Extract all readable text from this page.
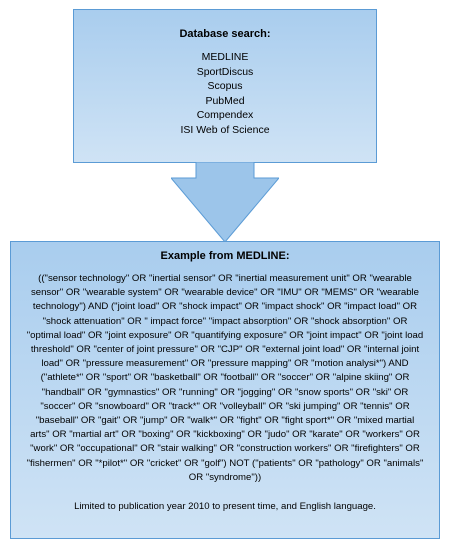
Database search:
MEDLINE
SportDiscus
Scopus
PubMed
Compendex
ISI Web of Science
Example from MEDLINE:

(("sensor technology" OR "inertial sensor" OR "inertial measurement unit" OR "wearable sensor" OR "wearable system" OR "wearable device" OR "IMU" OR "MEMS" OR "wearable technology") AND ("joint load" OR "shock impact" OR "impact shock" OR "impact load" OR "shock attenuation" OR " impact force" "impact absorption" OR "shock absorption" OR "optimal load" OR "joint exposure" OR "quantifying exposure" OR "joint impact" OR "joint load threshold" OR "center of joint pressure" OR "CJP" OR "external joint load" OR "internal joint load" OR "pressure measurement" OR "pressure mapping" OR "motion analysi*") AND ("athlete*" OR "sport" OR "basketball" OR "football" OR "soccer" OR "alpine skiing" OR "handball" OR "gymnastics" OR "running" OR "jogging" OR "snow sports" OR "ski" OR "soccer" OR "snowboard" OR "track*" OR "volleyball" OR "ski jumping" OR "tennis" OR "baseball" OR "gait" OR "jump" OR "walk*" OR "fight" OR "fight sport*" OR "mixed martial arts" OR "martial art" OR "boxing" OR "kickboxing" OR "judo" OR "karate" OR "workers" OR "work" OR "occupational" OR "stair walking" OR "construction workers" OR "firefighters" OR "fishermen" OR "*pilot*" OR "cricket" OR "golf") NOT ("patients" OR "pathology" OR "animals" OR "syndrome"))

Limited to publication year 2010 to present time, and English language.
